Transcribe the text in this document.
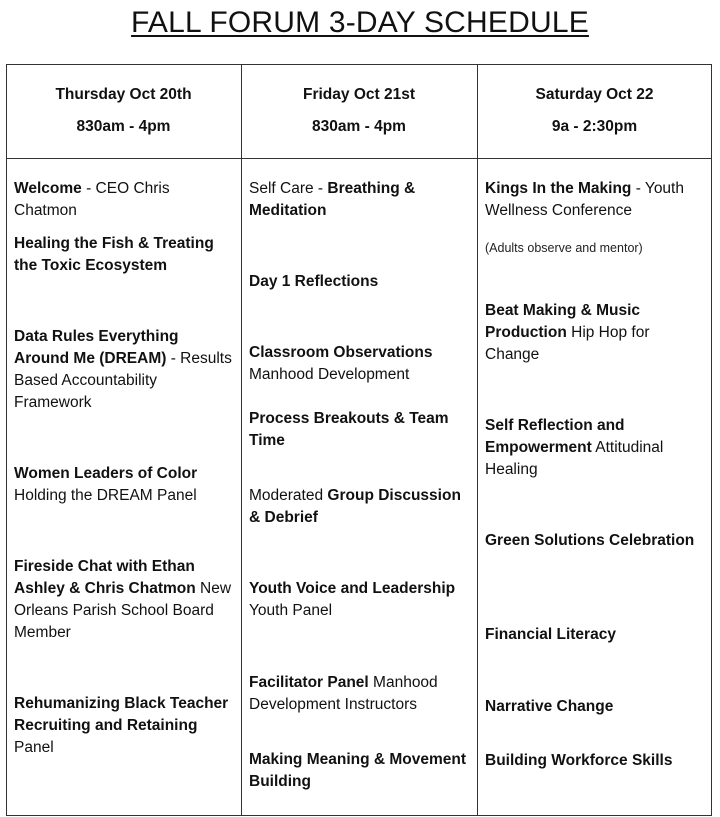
FALL FORUM 3-DAY SCHEDULE
Thursday Oct 20th
830am - 4pm
Friday Oct 21st
830am - 4pm
Saturday Oct 22
9a - 2:30pm
Welcome - CEO Chris Chatmon
Healing the Fish & Treating the Toxic Ecosystem
Data Rules Everything Around Me (DREAM) - Results Based Accountability Framework
Women Leaders of Color Holding the DREAM Panel
Fireside Chat with Ethan Ashley & Chris Chatmon New Orleans Parish School Board Member
Rehumanizing Black Teacher Recruiting and Retaining Panel
Self Care - Breathing & Meditation
Day 1 Reflections
Classroom Observations Manhood Development
Process Breakouts & Team Time
Moderated Group Discussion & Debrief
Youth Voice and Leadership Youth Panel
Facilitator Panel Manhood Development Instructors
Making Meaning & Movement Building
Kings In the Making - Youth Wellness Conference
(Adults observe and mentor)
Beat Making & Music Production Hip Hop for Change
Self Reflection and Empowerment Attitudinal Healing
Green Solutions Celebration
Financial Literacy
Narrative Change
Building Workforce Skills
